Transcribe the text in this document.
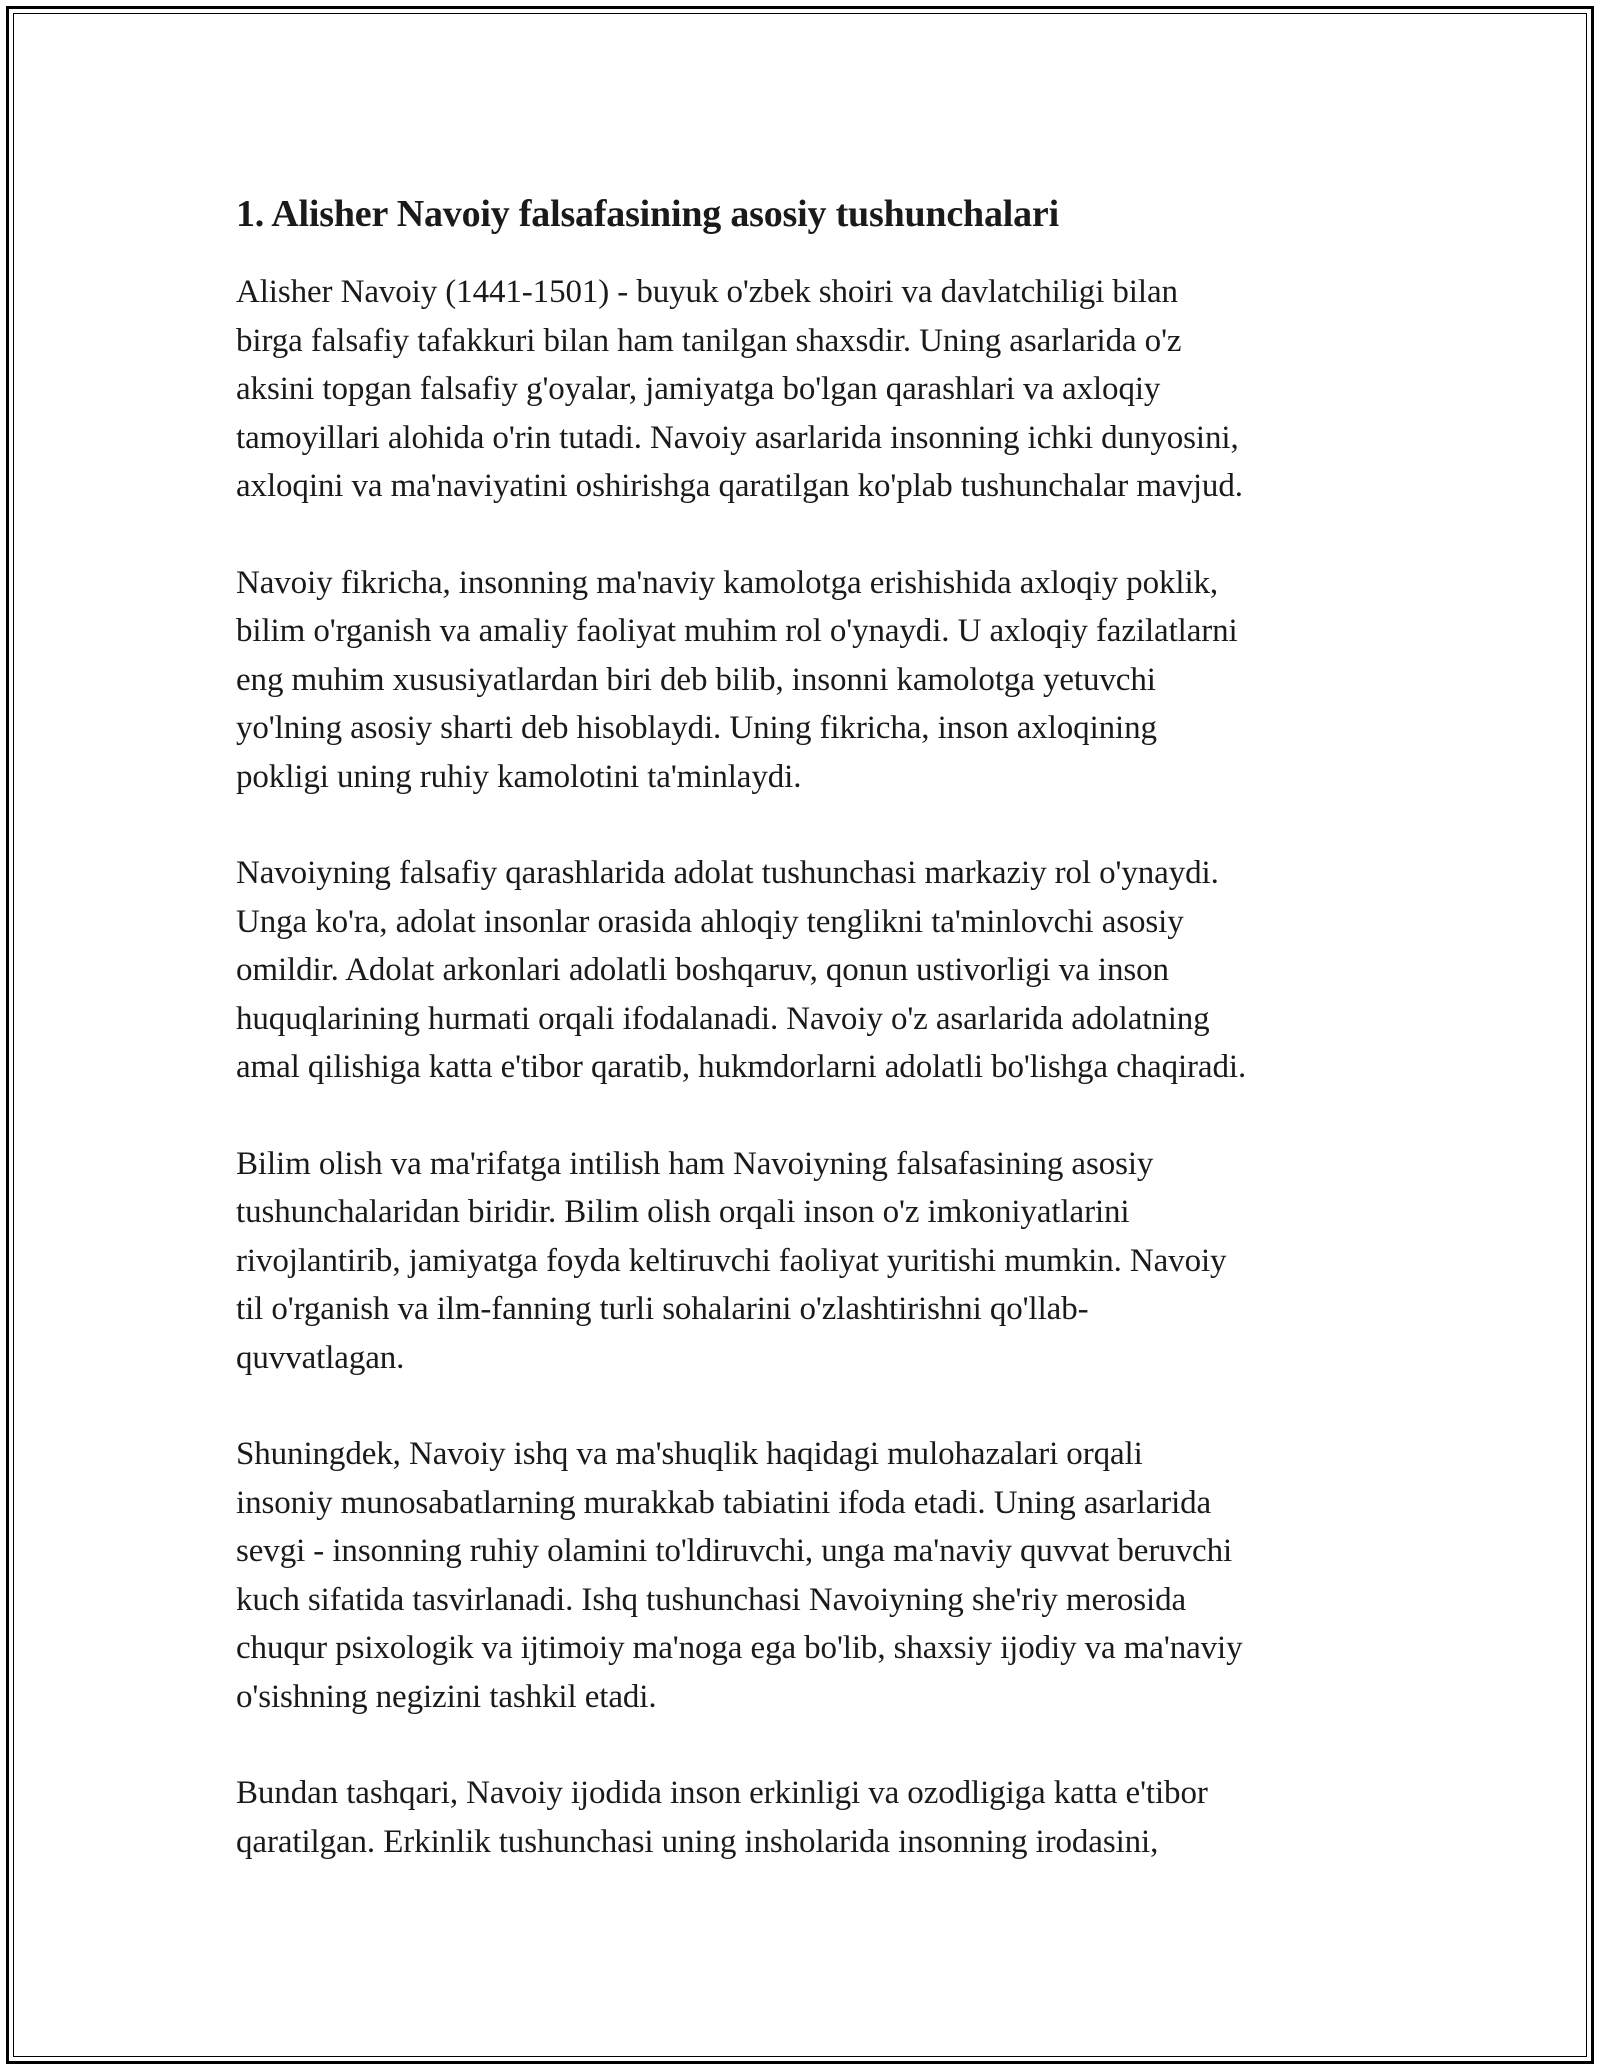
1. Alisher Navoiy falsafasining asosiy tushunchalari

Alisher Navoiy (1441-1501) - buyuk o'zbek shoiri va davlatchiligi bilan
birga falsafiy tafakkuri bilan ham tanilgan shaxsdir. Uning asarlarida o'z
aksini topgan falsafiy g'oyalar, jamiyatga bo'lgan qarashlari va axloqiy
tamoyillari alohida o'rin tutadi. Navoiy asarlarida insonning ichki dunyosini,
axloqini va ma'naviyatini oshirishga qaratilgan ko'plab tushunchalar mavjud.

Navoiy fikricha, insonning ma'naviy kamolotga erishishida axloqiy poklik,
bilim o'rganish va amaliy faoliyat muhim rol o'ynaydi. U axloqiy fazilatlarni
eng muhim xususiyatlardan biri deb bilib, insonni kamolotga yetuvchi
yo'lning asosiy sharti deb hisoblaydi. Uning fikricha, inson axloqining
pokligi uning ruhiy kamolotini ta'minlaydi.

Navoiyning falsafiy qarashlarida adolat tushunchasi markaziy rol o'ynaydi.
Unga ko'ra, adolat insonlar orasida ahloqiy tenglikni ta'minlovchi asosiy
omildir. Adolat arkonlari adolatli boshqaruv, qonun ustivorligi va inson
huquqlarining hurmati orqali ifodalanadi. Navoiy o'z asarlarida adolatning
amal qilishiga katta e'tibor qaratib, hukmdorlarni adolatli bo'lishga chaqiradi.

Bilim olish va ma'rifatga intilish ham Navoiyning falsafasining asosiy
tushunchalaridan biridir. Bilim olish orqali inson o'z imkoniyatlarini
rivojlantirib, jamiyatga foyda keltiruvchi faoliyat yuritishi mumkin. Navoiy
til o'rganish va ilm-fanning turli sohalarini o'zlashtirishni qo'llab-
quvvatlagan.

Shuningdek, Navoiy ishq va ma'shuqlik haqidagi mulohazalari orqali
insoniy munosabatlarning murakkab tabiatini ifoda etadi. Uning asarlarida
sevgi - insonning ruhiy olamini to'ldiruvchi, unga ma'naviy quvvat beruvchi
kuch sifatida tasvirlanadi. Ishq tushunchasi Navoiyning she'riy merosida
chuqur psixologik va ijtimoiy ma'noga ega bo'lib, shaxsiy ijodiy va ma'naviy
o'sishning negizini tashkil etadi.

Bundan tashqari, Navoiy ijodida inson erkinligi va ozodligiga katta e'tibor
qaratilgan. Erkinlik tushunchasi uning insholarida insonning irodasini,
